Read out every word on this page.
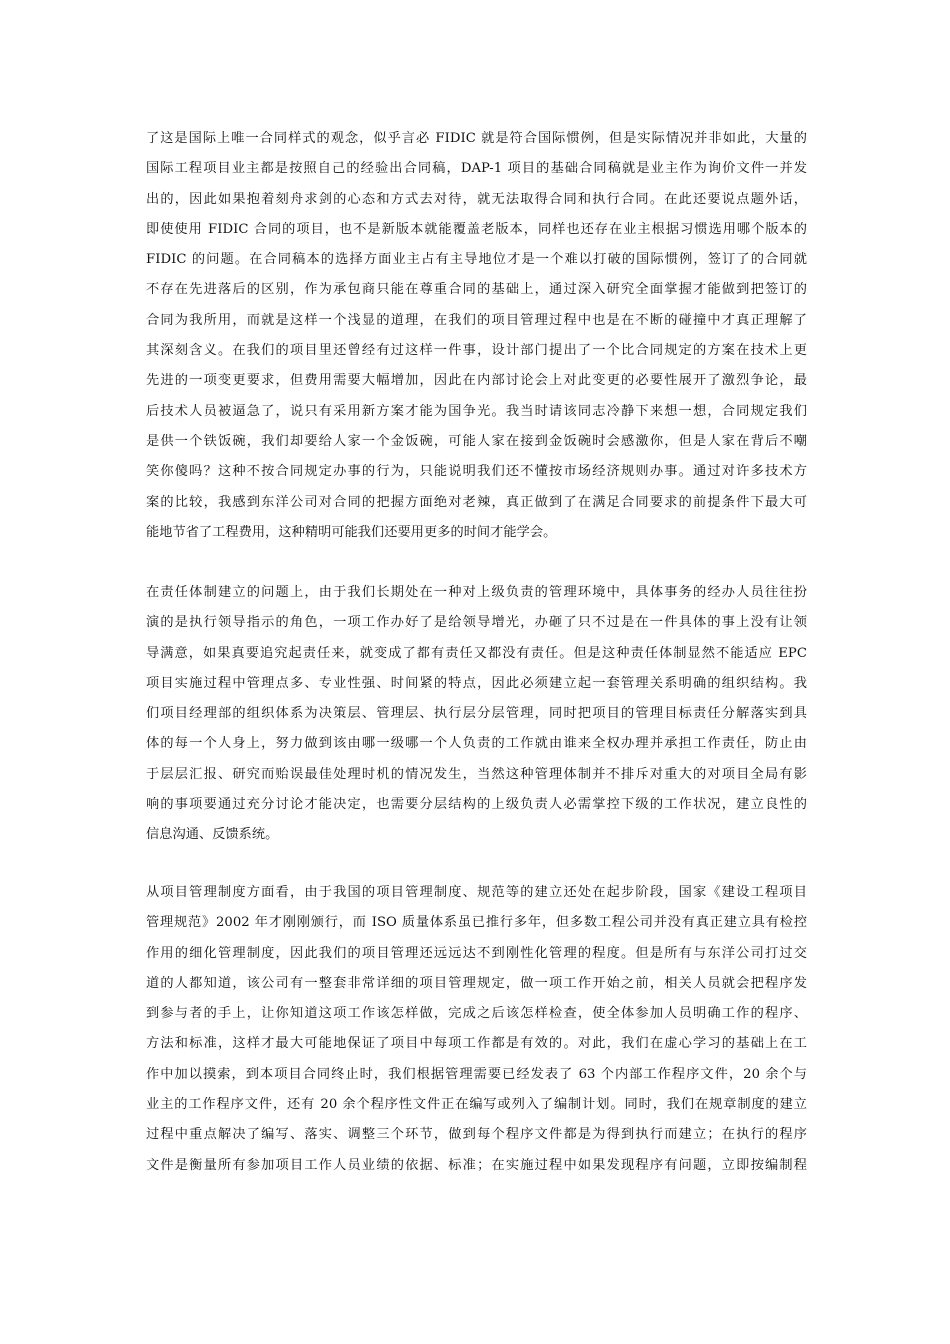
了这是国际上唯一合同样式的观念，似乎言必 FIDIC 就是符合国际惯例，但是实际情况并非如此，大量的
国际工程项目业主都是按照自己的经验出合同稿，DAP-1 项目的基础合同稿就是业主作为询价文件一并发
出的，因此如果抱着刻舟求剑的心态和方式去对待，就无法取得合同和执行合同。在此还要说点题外话，
即使使用 FIDIC 合同的项目，也不是新版本就能覆盖老版本，同样也还存在业主根据习惯选用哪个版本的
FIDIC 的问题。在合同稿本的选择方面业主占有主导地位才是一个难以打破的国际惯例，签订了的合同就
不存在先进落后的区别，作为承包商只能在尊重合同的基础上，通过深入研究全面掌握才能做到把签订的
合同为我所用，而就是这样一个浅显的道理，在我们的项目管理过程中也是在不断的碰撞中才真正理解了
其深刻含义。在我们的项目里还曾经有过这样一件事，设计部门提出了一个比合同规定的方案在技术上更
先进的一项变更要求，但费用需要大幅增加，因此在内部讨论会上对此变更的必要性展开了激烈争论，最
后技术人员被逼急了，说只有采用新方案才能为国争光。我当时请该同志冷静下来想一想，合同规定我们
是供一个铁饭碗，我们却要给人家一个金饭碗，可能人家在接到金饭碗时会感激你，但是人家在背后不嘲
笑你傻吗？这种不按合同规定办事的行为，只能说明我们还不懂按市场经济规则办事。通过对许多技术方
案的比较，我感到东洋公司对合同的把握方面绝对老辣，真正做到了在满足合同要求的前提条件下最大可
能地节省了工程费用，这种精明可能我们还要用更多的时间才能学会。
在责任体制建立的问题上，由于我们长期处在一种对上级负责的管理环境中，具体事务的经办人员往往扮
演的是执行领导指示的角色，一项工作办好了是给领导增光，办砸了只不过是在一件具体的事上没有让领
导满意，如果真要追究起责任来，就变成了都有责任又都没有责任。但是这种责任体制显然不能适应 EPC
项目实施过程中管理点多、专业性强、时间紧的特点，因此必须建立起一套管理关系明确的组织结构。我
们项目经理部的组织体系为决策层、管理层、执行层分层管理，同时把项目的管理目标责任分解落实到具
体的每一个人身上，努力做到该由哪一级哪一个人负责的工作就由谁来全权办理并承担工作责任，防止由
于层层汇报、研究而贻误最佳处理时机的情况发生，当然这种管理体制并不排斥对重大的对项目全局有影
响的事项要通过充分讨论才能决定，也需要分层结构的上级负责人必需掌控下级的工作状况，建立良性的
信息沟通、反馈系统。
从项目管理制度方面看，由于我国的项目管理制度、规范等的建立还处在起步阶段，国家《建设工程项目
管理规范》2002 年才刚刚颁行，而 ISO 质量体系虽已推行多年，但多数工程公司并没有真正建立具有检控
作用的细化管理制度，因此我们的项目管理还远远达不到刚性化管理的程度。但是所有与东洋公司打过交
道的人都知道，该公司有一整套非常详细的项目管理规定，做一项工作开始之前，相关人员就会把程序发
到参与者的手上，让你知道这项工作该怎样做，完成之后该怎样检查，使全体参加人员明确工作的程序、
方法和标准，这样才最大可能地保证了项目中每项工作都是有效的。对此，我们在虚心学习的基础上在工
作中加以摸索，到本项目合同终止时，我们根据管理需要已经发表了 63 个内部工作程序文件，20 余个与
业主的工作程序文件，还有 20 余个程序性文件正在编写或列入了编制计划。同时，我们在规章制度的建立
过程中重点解决了编写、落实、调整三个环节，做到每个程序文件都是为得到执行而建立；在执行的程序
文件是衡量所有参加项目工作人员业绩的依据、标准；在实施过程中如果发现程序有问题，立即按编制程
